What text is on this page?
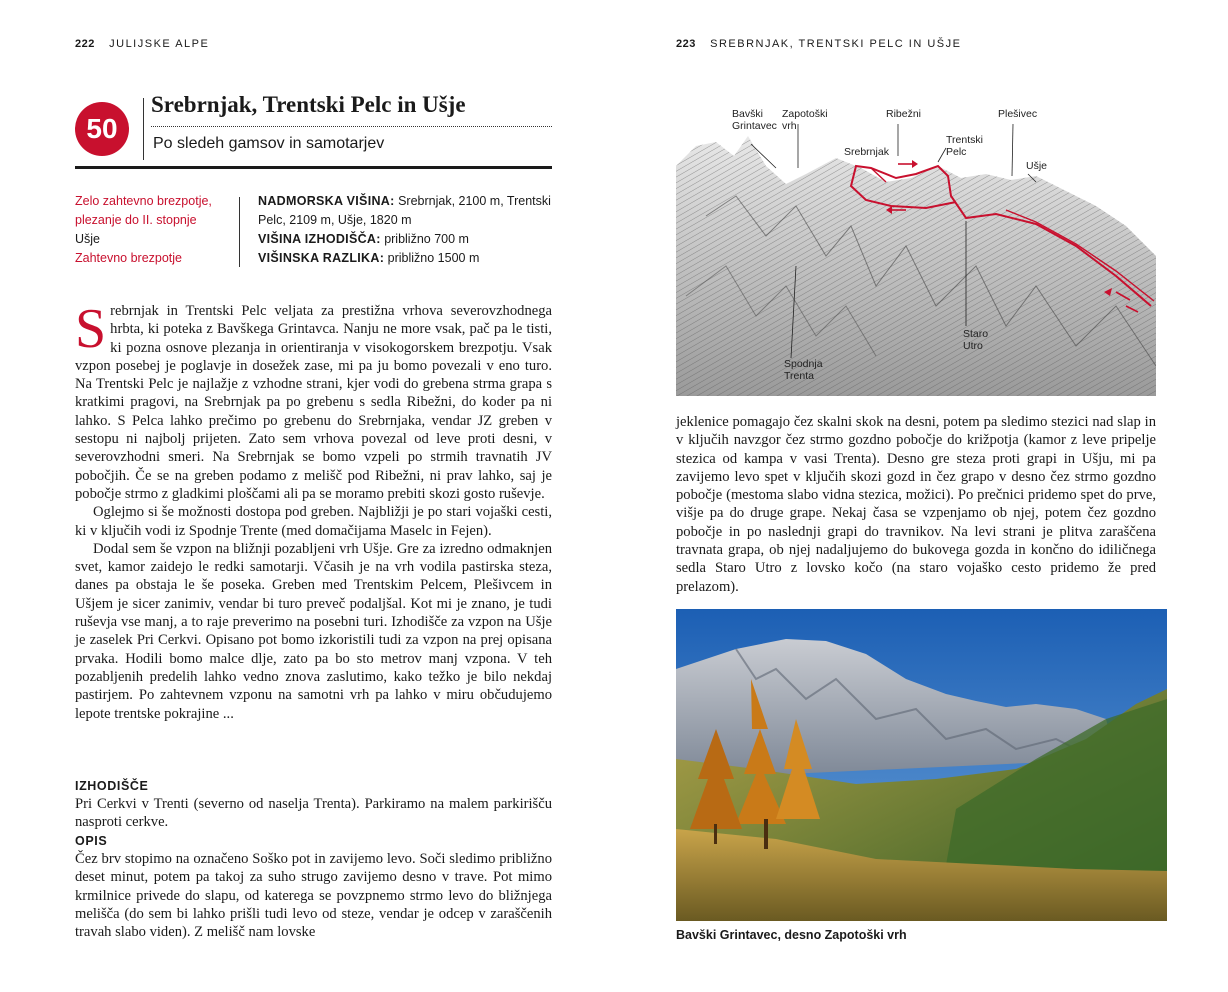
222 JULIJSKE ALPE
50
Srebrnjak, Trentski Pelc in Ušje
Po sledeh gamsov in samotarjev
Zelo zahtevno brezpotje,
plezanje do II. stopnje
Ušje
Zahtevno brezpotje
NADMORSKA VIŠINA: Srebrnjak, 2100 m, Trentski Pelc, 2109 m, Ušje, 1820 m
VIŠINA IZHODIŠČA: približno 700 m
VIŠINSKA RAZLIKA: približno 1500 m

Srebrnjak in Trentski Pelc veljata za prestižna vrhova severovzhodnega hrbta, ki poteka z Bavškega Grintavca. Nanju ne more vsak, pač pa le tisti, ki pozna osnove plezanja in orientiranja v visokogorskem brezpotju. Vsak vzpon posebej je poglavje in dosežek zase, mi pa ju bomo povezali v eno turo. Na Trentski Pelc je najlažje z vzhodne strani, kjer vodi do grebena strma grapa s kratkimi pragovi, na Srebrnjak pa po grebenu s sedla Ribežni, do koder pa ni lahko. S Pelca lahko prečimo po grebenu do Srebrnjaka, vendar JZ greben v sestopu ni najbolj prijeten. Zato sem vrhova povezal od leve proti desni, v severovzhodni smeri. Na Srebrnjak se bomo vzpeli po strmih travnatih JV pobočjih. Če se na greben podamo z melišč pod Ribežni, ni prav lahko, saj je pobočje strmo z gladkimi ploščami ali pa se moramo prebiti skozi gosto ruševje.

Oglejmo si še možnosti dostopa pod greben. Najbližji je po stari vojaški cesti, ki v ključih vodi iz Spodnje Trente (med domačijama Maselc in Fejen).

Dodal sem še vzpon na bližnji pozabljeni vrh Ušje. Gre za izredno odmaknjen svet, kamor zaidejo le redki samotarji. Včasih je na vrh vodila pastirska steza, danes pa obstaja le še poseka. Greben med Trentskim Pelcem, Plešivcem in Ušjem je sicer zanimiv, vendar bi turo preveč podaljšal. Kot mi je znano, je tudi ruševja vse manj, a to raje preverimo na posebni turi. Izhodišče za vzpon na Ušje je zaselek Pri Cerkvi. Opisano pot bomo izkoristili tudi za vzpon na prej opisana prvaka. Hodili bomo malce dlje, zato pa bo sto metrov manj vzpona. V teh pozabljenih predelih lahko vedno znova zaslutimo, kako težko je bilo nekdaj pastirjem. Po zahtevnem vzponu na samotni vrh pa lahko v miru občudujemo lepote trentske pokrajine ...

IZHODIŠČE

Pri Cerkvi v Trenti (severno od naselja Trenta). Parkiramo na malem parkirišču nasproti cerkve.

OPIS

Čez brv stopimo na označeno Soško pot in zavijemo levo. Soči sledimo približno deset minut, potem pa takoj za suho strugo zavijemo desno v trave. Pot mimo krmilnice privede do slapu, od katerega se povzpnemo strmo levo do bližnjega melišča (do sem bi lahko prišli tudi levo od steze, vendar je odcep v zaraščenih travah slabo viden). Z melišč nam lovske

223 SREBRNJAK, TRENTSKI PELC IN UŠJE
Bavški Grintavec
Zapotoški vrh
Ribežni
Srebrnjak
Trentski Pelc
Plešivec
Ušje
Staro Utro
Spodnja Trenta

jeklenice pomagajo čez skalni skok na desni, potem pa sledimo stezici nad slap in v ključih navzgor čez strmo gozdno pobočje do križpotja (kamor z leve pripelje stezica od kampa v vasi Trenta). Desno gre steza proti grapi in Ušju, mi pa zavijemo levo spet v ključih skozi gozd in čez grapo v desno čez strmo gozdno pobočje (mestoma slabo vidna stezica, možici). Po prečnici pridemo spet do prve, višje pa do druge grape. Nekaj časa se vzpenjamo ob njej, potem čez gozdno pobočje in po naslednji grapi do travnikov. Na levi strani je plitva zaraščena travnata grapa, ob njej nadaljujemo do bukovega gozda in končno do idiličnega sedla Staro Utro z lovsko kočo (na staro vojaško cesto pridemo že pred prelazom).

Bavški Grintavec, desno Zapotoški vrh
